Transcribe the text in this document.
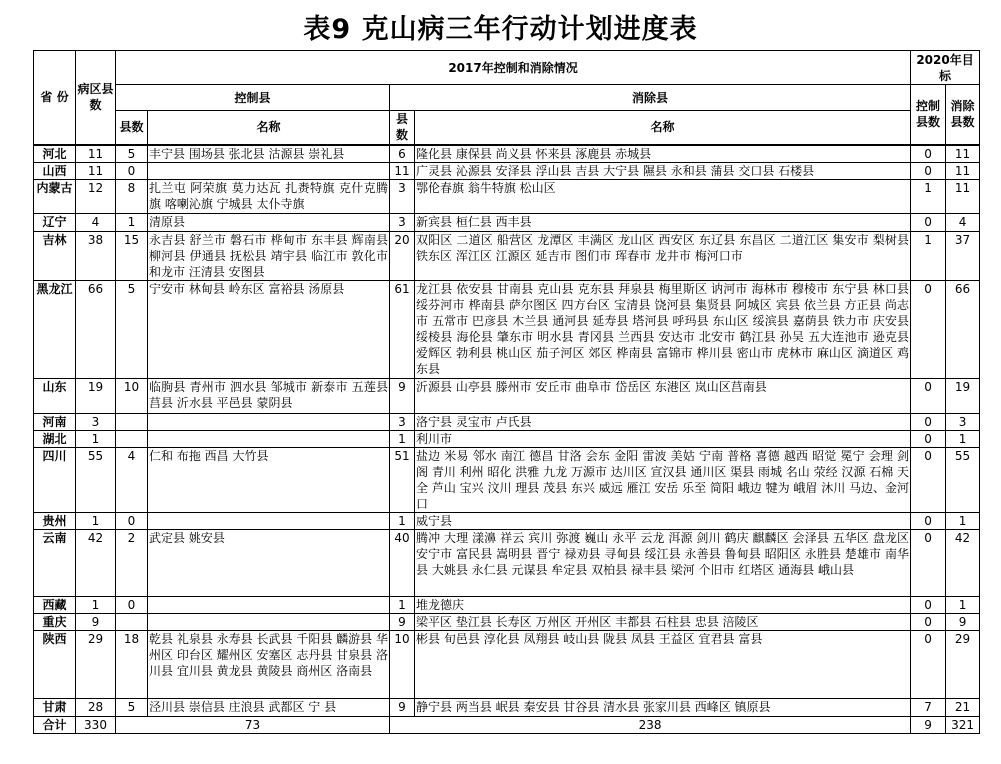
表9 克山病三年行动计划进度表
省 份	病区县数	2017年控制和消除情况				2020年目标	
		控制县		消除县		控制县数	消除县数
		县数	名称	县数	名称		
河北	11	5	丰宁县 围场县 张北县 沽源县 崇礼县	6	隆化县 康保县 尚义县 怀来县 涿鹿县 赤城县	0	11
山西	11	0		11	广灵县 沁源县 安泽县 浮山县 吉县 大宁县 隰县 永和县 蒲县 交口县 石楼县	0	11
内蒙古	12	8	扎兰屯 阿荣旗 莫力达瓦 扎赉特旗 克什克腾旗 喀喇沁旗 宁城县 太仆寺旗	3	鄂伦春旗 翁牛特旗 松山区	1	11
辽宁	4	1	清原县	3	新宾县 桓仁县 西丰县	0	4
吉林	38	15	永吉县 舒兰市 磐石市 桦甸市 东丰县 辉南县柳河县 伊通县 抚松县 靖宇县 临江市 敦化市 和龙市 汪清县 安图县	20	双阳区 二道区 船营区 龙潭区 丰满区 龙山区 西安区 东辽县 东昌区 二道江区 集安市 梨树县 铁东区 浑江区 江源区 延吉市 图们市 珲春市 龙井市 梅河口市	1	37
黑龙江	66	5	宁安市 林甸县 岭东区 富裕县 汤原县	61	龙江县 依安县 甘南县 克山县 克东县 拜泉县 梅里斯区 讷河市 海林市 穆棱市 东宁县 林口县 绥芬河市 桦南县 萨尔图区 四方台区 宝清县 饶河县 集贤县 阿城区 宾县 依兰县 方正县 尚志市 五常市 巴彦县 木兰县 通河县 延寿县 塔河县 呼玛县 东山区 绥滨县 嘉荫县 铁力市 庆安县 绥棱县 海伦县 肇东市 明水县 青冈县 兰西县 安达市 北安市 鹤江县 孙吴 五大连池市 逊克县 爱辉区 勃利县 桃山区 茄子河区 郊区 桦南县 富锦市 桦川县 密山市 虎林市 麻山区 滴道区 鸡东县	0	66
山东	19	10	临朐县 青州市 泗水县 邹城市 新泰市 五莲县莒县 沂水县 平邑县 蒙阴县	9	沂源县 山亭县 滕州市 安丘市 曲阜市 岱岳区 东港区 岚山区莒南县	0	19
河南	3			3	洛宁县 灵宝市 卢氏县	0	3
湖北	1			1	利川市	0	1
四川	55	4	仁和 布拖 西昌 大竹县	51	盐边 米易 邻水 南江 德昌 甘洛 会东 金阳 雷波 美姑 宁南 普格 喜德 越西 昭觉 冕宁 会理 剑阁 青川 利州 昭化 洪雅 九龙 万源市 达川区 宣汉县 通川区 渠县 雨城 名山 荥经 汉源 石棉 天全 芦山 宝兴 汶川 理县 茂县 东兴 威远 雁江 安岳 乐至 简阳 峨边 犍为 峨眉 沐川 马边、金河口	0	55
贵州	1	0		1	威宁县	0	1
云南	42	2	武定县 姚安县	40	腾冲 大理 漾濞 祥云 宾川 弥渡 巍山 永平 云龙 洱源 剑川 鹤庆 麒麟区 会泽县 五华区 盘龙区 安宁市 富民县 嵩明县 晋宁 禄劝县 寻甸县 绥江县 永善县 鲁甸县 昭阳区 永胜县 楚雄市 南华县 大姚县 永仁县 元谋县 牟定县 双柏县 禄丰县 梁河 个旧市 红塔区 通海县 峨山县	0	42
西藏	1	0		1	堆龙德庆	0	1
重庆	9			9	梁平区 垫江县 长寿区 万州区 开州区 丰都县 石柱县 忠县 涪陵区	0	9
陕西	29	18	乾县 礼泉县 永寿县 长武县 千阳县 麟游县 华州区 印台区 耀州区 安塞区 志丹县 甘泉县 洛川县 宜川县 黄龙县 黄陵县 商州区 洛南县	10	彬县 旬邑县 淳化县 凤翔县 岐山县 陇县 凤县 王益区 宜君县 富县	0	29
甘肃	28	5	泾川县 崇信县 庄浪县 武都区 宁 县	9	静宁县 两当县 岷县 秦安县 甘谷县 清水县 张家川县 西峰区 镇原县	7	21
合计	330	73		238		9	321
